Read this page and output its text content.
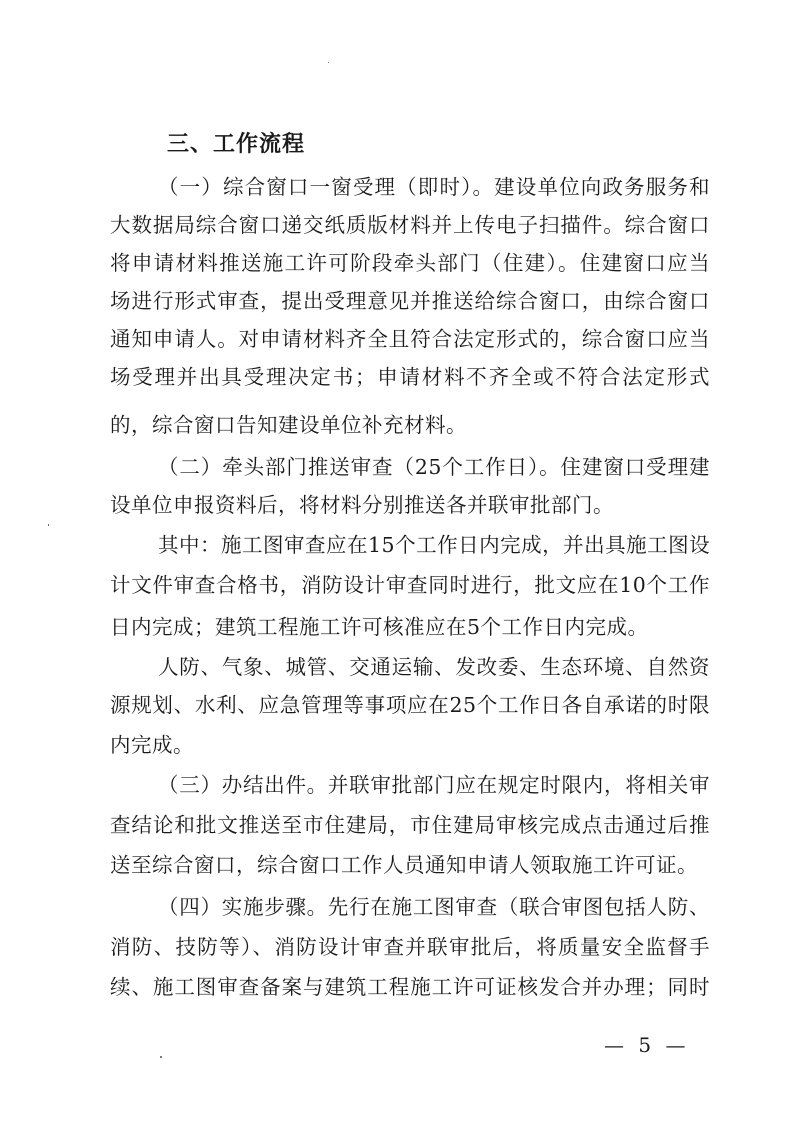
三、工作流程
（一）综合窗口一窗受理（即时）。建设单位向政务服务和
大数据局综合窗口递交纸质版材料并上传电子扫描件。综合窗口
将申请材料推送施工许可阶段牵头部门（住建）。住建窗口应当
场进行形式审查，提出受理意见并推送给综合窗口，由综合窗口
通知申请人。对申请材料齐全且符合法定形式的，综合窗口应当
场受理并出具受理决定书；申请材料不齐全或不符合法定形式
的，综合窗口告知建设单位补充材料。
（二）牵头部门推送审查（25个工作日）。住建窗口受理建
设单位申报资料后，将材料分别推送各并联审批部门。
其中：施工图审查应在15个工作日内完成，并出具施工图设
计文件审查合格书，消防设计审查同时进行，批文应在10个工作
日内完成；建筑工程施工许可核准应在5个工作日内完成。
人防、气象、城管、交通运输、发改委、生态环境、自然资
源规划、水利、应急管理等事项应在25个工作日各自承诺的时限
内完成。
（三）办结出件。并联审批部门应在规定时限内，将相关审
查结论和批文推送至市住建局，市住建局审核完成点击通过后推
送至综合窗口，综合窗口工作人员通知申请人领取施工许可证。
（四）实施步骤。先行在施工图审查（联合审图包括人防、
消防、技防等）、消防设计审查并联审批后，将质量安全监督手
续、施工图审查备案与建筑工程施工许可证核发合并办理；同时
— 5 —
